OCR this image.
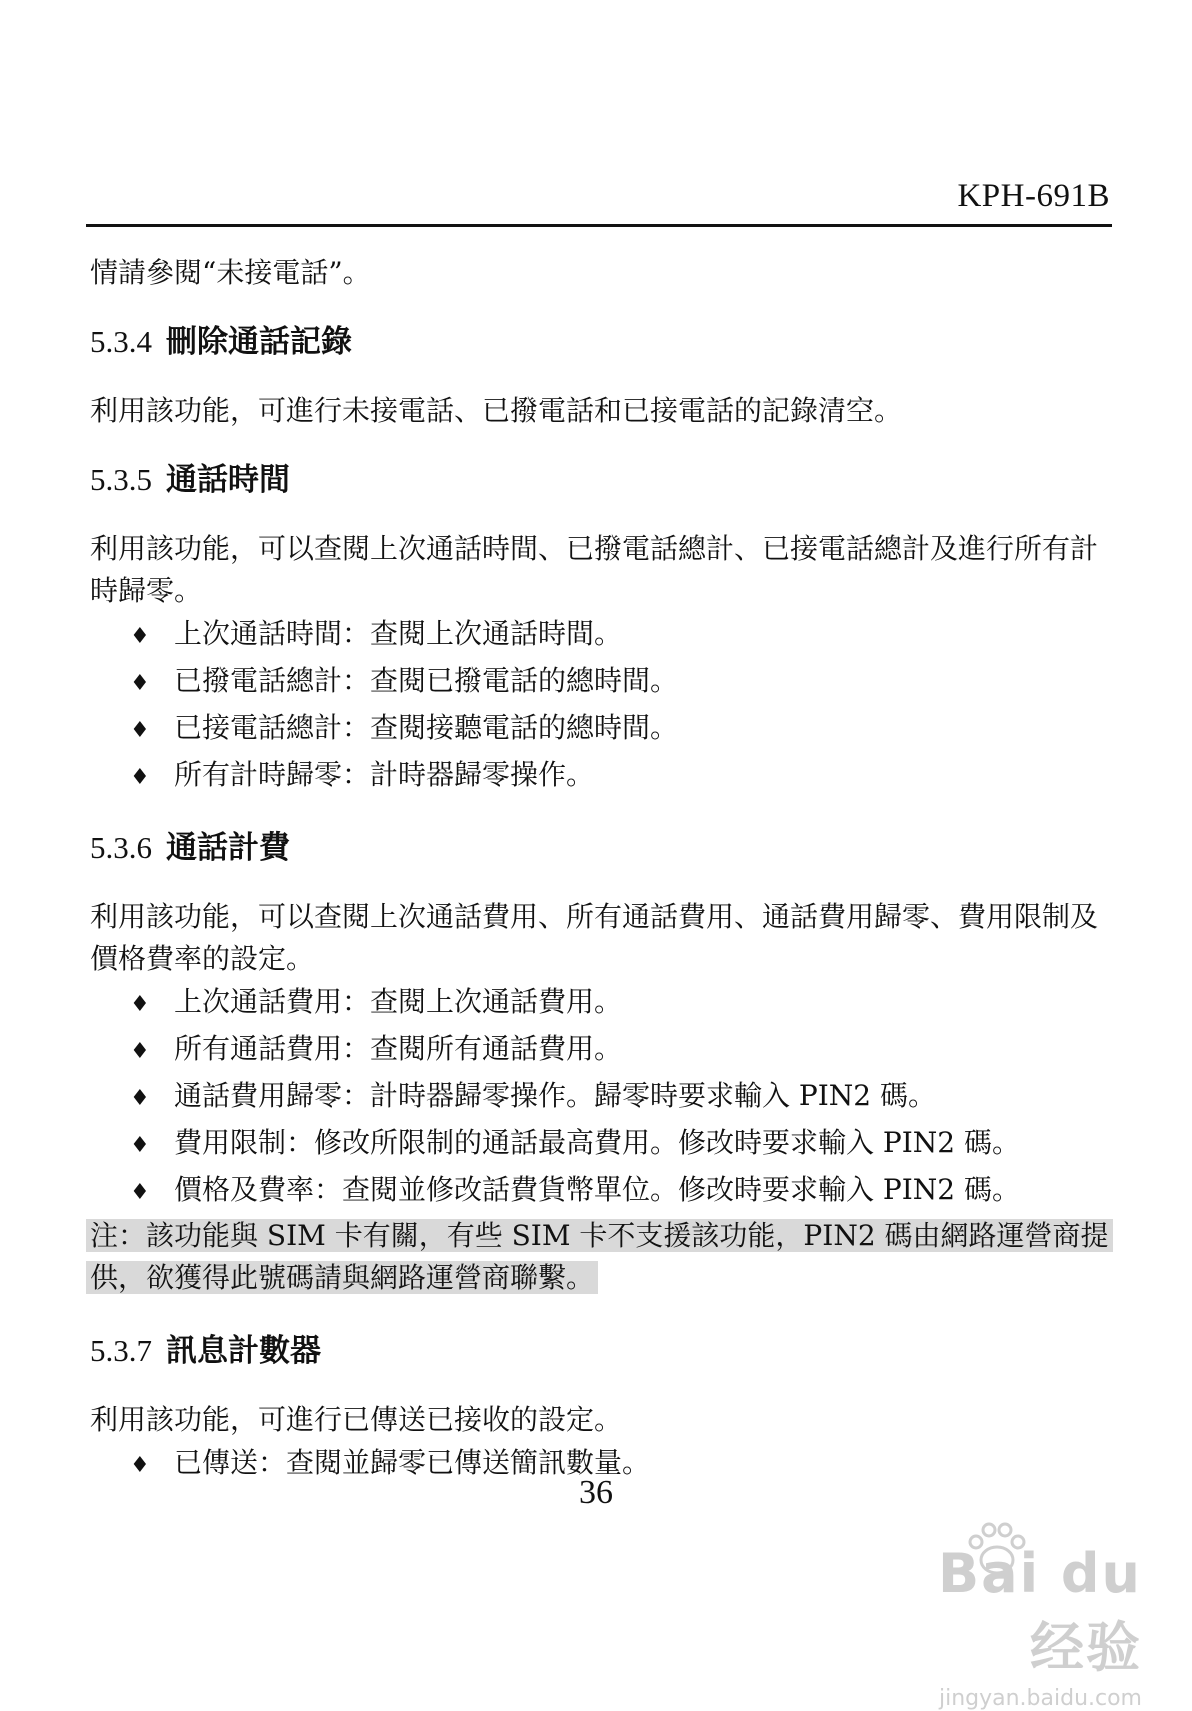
KPH-691B

情請參閱“未接電話”。

5.3.4 刪除通話記錄

利用該功能，可進行未接電話、已撥電話和已接電話的記錄清空。

5.3.5 通話時間

利用該功能，可以查閱上次通話時間、已撥電話總計、已接電話總計及進行所有計時歸零。

♦ 上次通話時間：查閱上次通話時間。
♦ 已撥電話總計：查閱已撥電話的總時間。
♦ 已接電話總計：查閱接聽電話的總時間。
♦ 所有計時歸零：計時器歸零操作。
5.3.6 通話計費

利用該功能，可以查閱上次通話費用、所有通話費用、通話費用歸零、費用限制及價格費率的設定。

♦ 上次通話費用：查閱上次通話費用。
♦ 所有通話費用：查閱所有通話費用。
♦ 通話費用歸零：計時器歸零操作。歸零時要求輸入 PIN2 碼。
♦ 費用限制：修改所限制的通話最高費用。修改時要求輸入 PIN2 碼。
♦ 價格及費率：查閱並修改話費貨幣單位。修改時要求輸入 PIN2 碼。
注：該功能與 SIM 卡有關，有些 SIM 卡不支援該功能，PIN2 碼由網路運營商提供，欲獲得此號碼請與網路運營商聯繫。
5.3.7 訊息計數器

利用該功能，可進行已傳送已接收的設定。

♦ 已傳送：查閱並歸零已傳送簡訊數量。
36
Bai du 经验
jingyan.baidu.com
